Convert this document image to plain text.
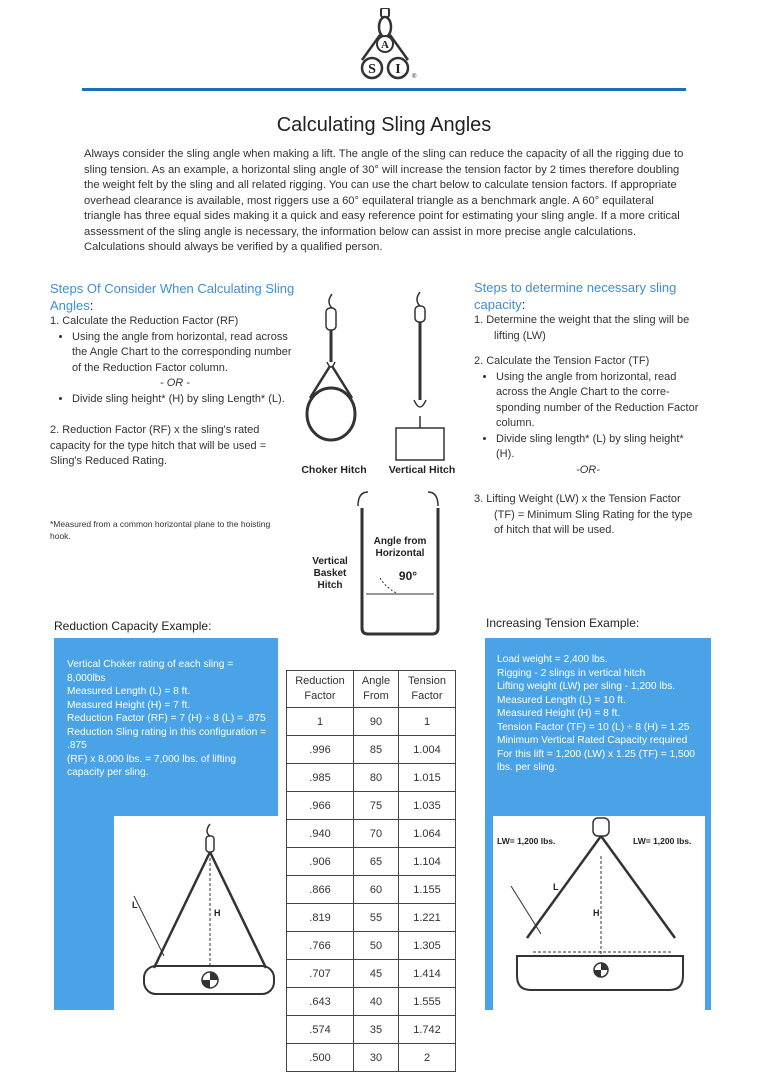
A
S I ®
Calculating Sling Angles
Always consider the sling angle when making a lift. The angle of the sling can reduce the capacity of all the rigging due to sling tension. As an example, a horizontal sling angle of 30° will increase the tension factor by 2 times therefore doubling the weight felt by the sling and all related rigging. You can use the chart below to calculate tension factors. If appropriate overhead clearance is available, most riggers use a 60° equilateral triangle as a benchmark angle. A 60° equilateral triangle has three equal sides making it a quick and easy reference point for estimating your sling angle. If a more critical assessment of the sling angle is necessary, the information below can assist in more precise angle calculations. Calculations should always be verified by a qualified person.
Steps Of Consider When Calculating Sling Angles:
1. Calculate the Reduction Factor (RF)
• Using the angle from horizontal, read across the Angle Chart to the corresponding number of the Reduction Factor column.
- OR -
• Divide sling height* (H) by sling Length* (L).
2. Reduction Factor (RF) x the sling's rated capacity for the type hitch that will be used = Sling's Reduced Rating.
*Measured from a common horizontal plane to the hoisting hook.
Steps to determine necessary sling capacity:
1. Determine the weight that the sling will be lifting (LW)
2. Calculate the Tension Factor (TF)
• Using the angle from horizontal, read across the Angle Chart to the corre-sponding number of the Reduction Factor column.
• Divide sling length* (L) by sling height* (H).
-OR-
3. Lifting Weight (LW) x the Tension Factor (TF) = Minimum Sling Rating for the type of hitch that will be used.
Choker Hitch Vertical Hitch
Vertical
Basket
Hitch
Angle from
Horizontal
90°
Reduction Capacity Example:
Vertical Choker rating of each sling = 8,000lbs
Measured Length (L) = 8 ft.
Measured Height (H) = 7 ft.
Reduction Factor (RF) = 7 (H) ÷ 8 (L) = .875
Reduction Sling rating in this configuration = .875
(RF) x 8,000 lbs. = 7,000 lbs. of lifting capacity per sling.
L
H
Reduction Factor	Angle From	Tension Factor
1	90	1
.996	85	1.004
.985	80	1.015
.966	75	1.035
.940	70	1.064
.906	65	1.104
.866	60	1.155
.819	55	1.221
.766	50	1.305
.707	45	1.414
.643	40	1.555
.574	35	1.742
.500	30	2
Increasing Tension Example:
Load weight = 2,400 lbs.
Rigging - 2 slings in vertical hitch
Lifting weight (LW) per sling - 1,200 lbs.
Measured Length (L) = 10 ft.
Measured Height (H) = 8 ft.
Tension Factor (TF) = 10 (L) ÷ 8 (H) = 1.25
Minimum Vertical Rated Capacity required
For this lift = 1,200 (LW) x 1.25 (TF) = 1,500 lbs. per sling.
LW= 1,200 lbs.	LW= 1,200 lbs.
L
H
